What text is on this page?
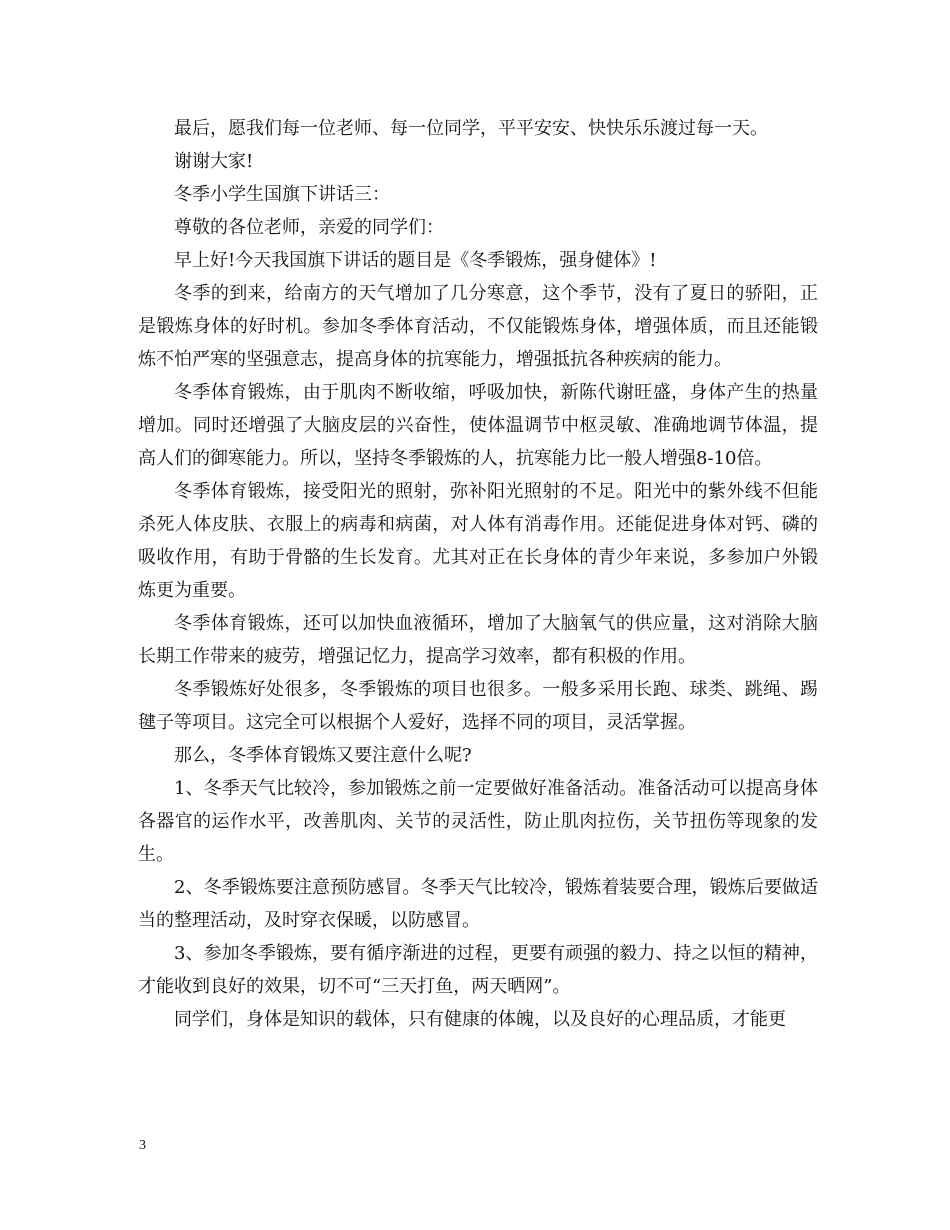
最后，愿我们每一位老师、每一位同学，平平安安、快快乐乐渡过每一天。

谢谢大家!

冬季小学生国旗下讲话三：

尊敬的各位老师，亲爱的同学们：

早上好!今天我国旗下讲话的题目是《冬季锻炼，强身健体》!

冬季的到来，给南方的天气增加了几分寒意，这个季节，没有了夏日的骄阳，正是锻炼身体的好时机。参加冬季体育活动，不仅能锻炼身体，增强体质，而且还能锻炼不怕严寒的坚强意志，提高身体的抗寒能力，增强抵抗各种疾病的能力。

冬季体育锻炼，由于肌肉不断收缩，呼吸加快，新陈代谢旺盛，身体产生的热量增加。同时还增强了大脑皮层的兴奋性，使体温调节中枢灵敏、准确地调节体温，提高人们的御寒能力。所以，坚持冬季锻炼的人，抗寒能力比一般人增强8-10倍。

冬季体育锻炼，接受阳光的照射，弥补阳光照射的不足。阳光中的紫外线不但能杀死人体皮肤、衣服上的病毒和病菌，对人体有消毒作用。还能促进身体对钙、磷的吸收作用，有助于骨骼的生长发育。尤其对正在长身体的青少年来说，多参加户外锻炼更为重要。

冬季体育锻炼，还可以加快血液循环，增加了大脑氧气的供应量，这对消除大脑长期工作带来的疲劳，增强记忆力，提高学习效率，都有积极的作用。

冬季锻炼好处很多，冬季锻炼的项目也很多。一般多采用长跑、球类、跳绳、踢毽子等项目。这完全可以根据个人爱好，选择不同的项目，灵活掌握。

那么，冬季体育锻炼又要注意什么呢?

1、冬季天气比较冷，参加锻炼之前一定要做好准备活动。准备活动可以提高身体各器官的运作水平，改善肌肉、关节的灵活性，防止肌肉拉伤，关节扭伤等现象的发生。

2、冬季锻炼要注意预防感冒。冬季天气比较冷，锻炼着装要合理，锻炼后要做适当的整理活动，及时穿衣保暖，以防感冒。

3、参加冬季锻炼，要有循序渐进的过程，更要有顽强的毅力、持之以恒的精神，才能收到良好的效果，切不可“三天打鱼，两天晒网”。

同学们，身体是知识的载体，只有健康的体魄，以及良好的心理品质，才能更

3
